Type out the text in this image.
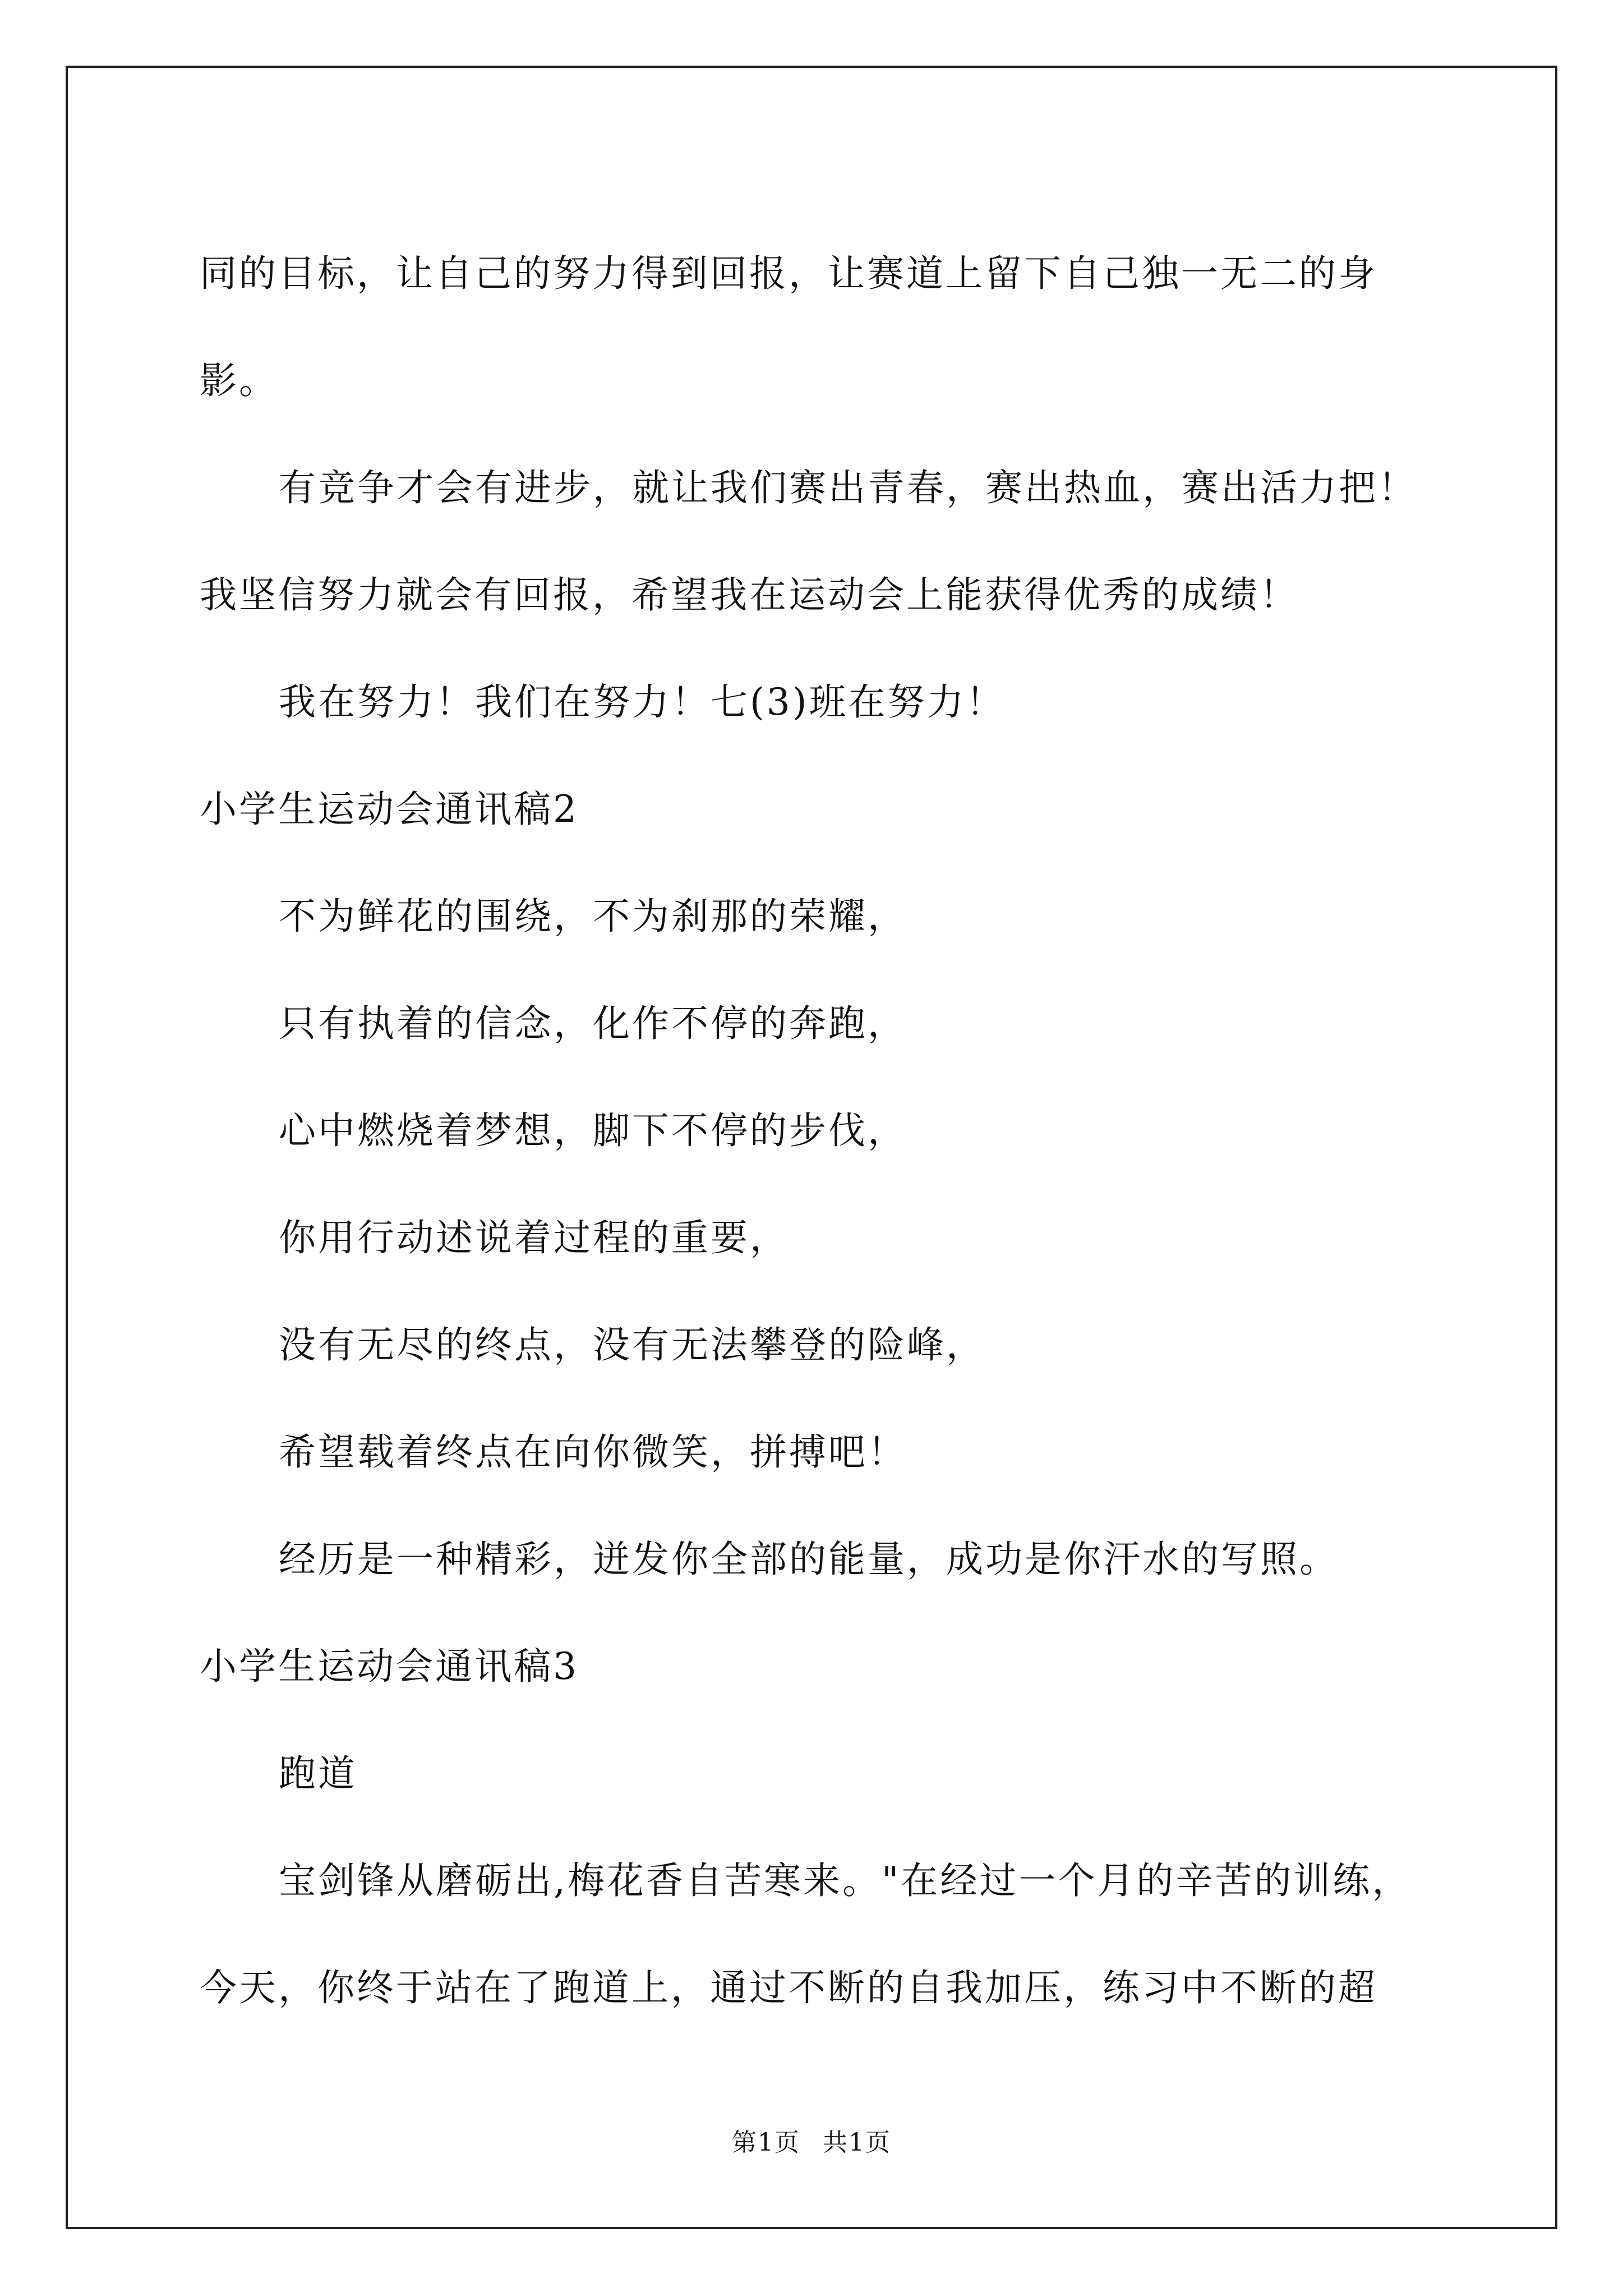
同的目标，让自己的努力得到回报，让赛道上留下自己独一无二的身
影。
有竞争才会有进步，就让我们赛出青春，赛出热血，赛出活力把！
我坚信努力就会有回报，希望我在运动会上能获得优秀的成绩！
我在努力！我们在努力！七(3)班在努力！
小学生运动会通讯稿2
不为鲜花的围绕，不为刹那的荣耀，
只有执着的信念，化作不停的奔跑，
心中燃烧着梦想，脚下不停的步伐，
你用行动述说着过程的重要，
没有无尽的终点，没有无法攀登的险峰，
希望载着终点在向你微笑，拼搏吧！
经历是一种精彩，迸发你全部的能量，成功是你汗水的写照。
小学生运动会通讯稿3
跑道
宝剑锋从磨砺出,梅花香自苦寒来。"在经过一个月的辛苦的训练，
今天，你终于站在了跑道上，通过不断的自我加压，练习中不断的超
第1页 共1页
